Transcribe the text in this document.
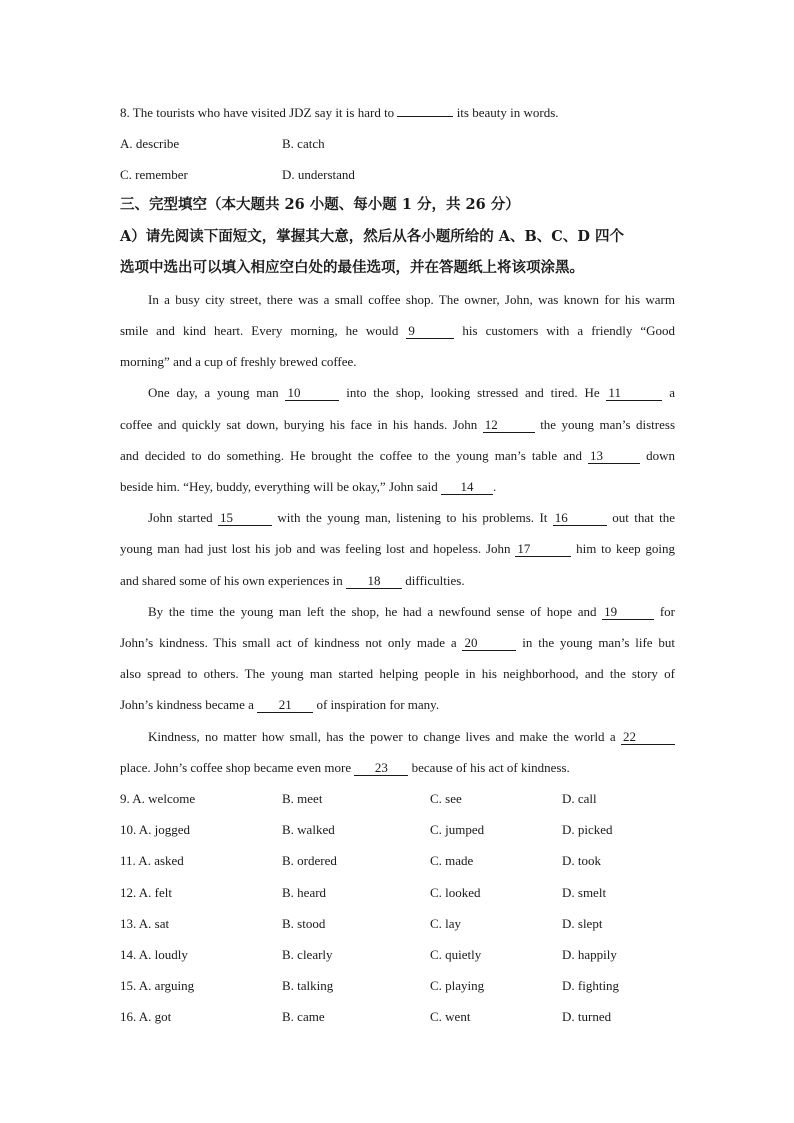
8. The tourists who have visited JDZ say it is hard to	its beauty in words.
A. describe	B. catch
C. remember	D. understand
三、完型填空（本大题共 26 小题、每小题 1 分，共 26 分）
A）请先阅读下面短文，掌握其大意，然后从各小题所给的 A、B、C、D 四个
选项中选出可以填入相应空白处的最佳选项，并在答题纸上将该项涂黑。
In a busy city street, there was a small coffee shop. The owner, John, was known for his warm
smile and kind heart. Every morning, he would 9	his customers with a friendly “Good
morning” and a cup of freshly brewed coffee.
One day, a young man 10	into the shop, looking stressed and tired. He 11	a
coffee and quickly sat down, burying his face in his hands. John 12	the young man’s distress
and decided to do something. He brought the coffee to the young man’s table and 13	down
beside him. “Hey, buddy, everything will be okay,” John said 14 .
John started 15	with the young man, listening to his problems. It 16	out that the
young man had just lost his job and was feeling lost and hopeless. John 17	him to keep going
and shared some of his own experiences in 18 difficulties.
By the time the young man left the shop, he had a newfound sense of hope and 19	for
John’s kindness. This small act of kindness not only made a 20	in the young man’s life but
also spread to others. The young man started helping people in his neighborhood, and the story of
John’s kindness became a 21 of inspiration for many.
Kindness, no matter how small, has the power to change lives and make the world a 22
place. John’s coffee shop became even more 23 because of his act of kindness.
9. A. welcome	B. meet	C. see	D. call
10. A. jogged	B. walked	C. jumped	D. picked
11. A. asked	B. ordered	C. made	D. took
12. A. felt	B. heard	C. looked	D. smelt
13. A. sat	B. stood	C. lay	D. slept
14. A. loudly	B. clearly	C. quietly	D. happily
15. A. arguing	B. talking	C. playing	D. fighting
16. A. got	B. came	C. went	D. turned
